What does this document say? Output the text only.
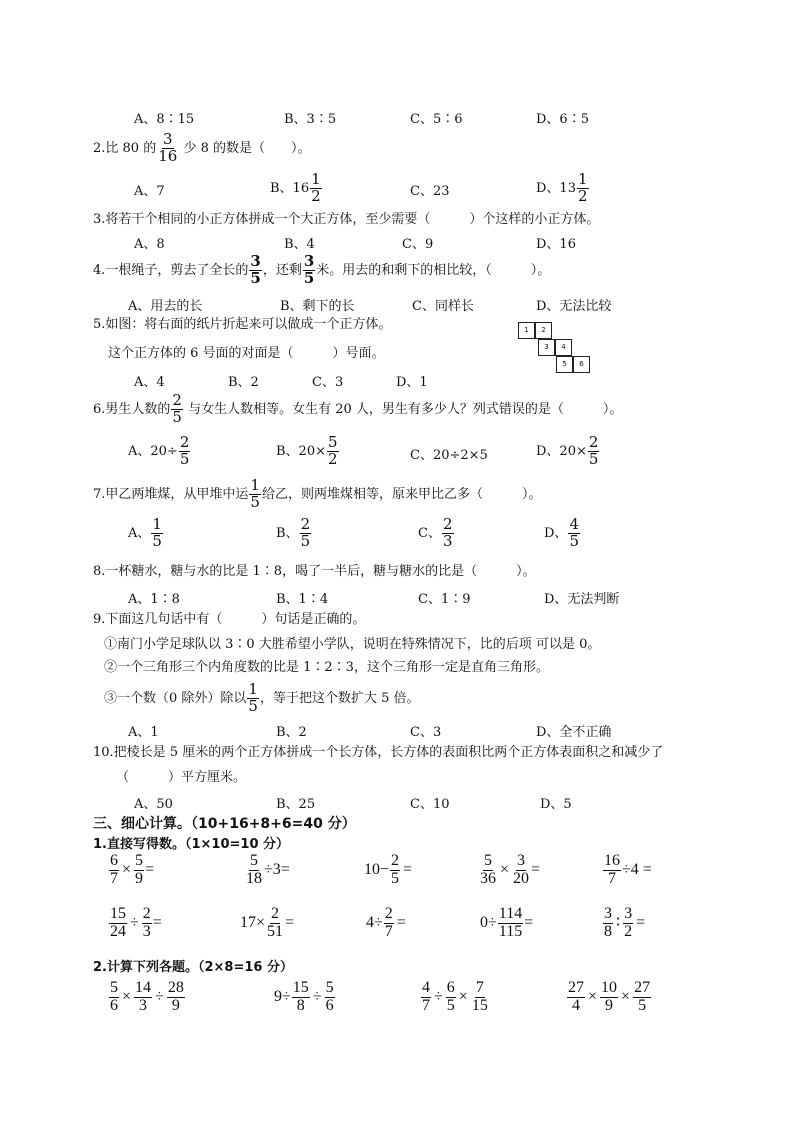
A、8∶15	B、3∶5	C、5∶6	D、6∶5
2.比 80 的 $\frac{3}{16}$ 少 8 的数是（　　）。
A、7	B、$16 \frac{1}{2}$	C、23	D、$13 \frac{1}{2}$
3.将若干个相同的小正方体拼成一个大正方体，至少需要（　　　）个这样的小正方体。
A、8	B、4	C、9	D、16
4.一根绳子，剪去了全长的 $\frac{3}{5}$ ，还剩 $\frac{3}{5}$ 米。用去的和剩下的相比较，（　　　）。
A、用去的长	B、剩下的长	C、同样长	D、无法比较
5.如图：将右面的纸片折起来可以做成一个正方体。
这个正方体的 6 号面的对面是（　　　）号面。
1	2
3	4
5	6
A、4	B、2	C、3	D、1
6.男生人数的 $\frac{2}{5}$ 与女生人数相等。女生有 20 人，男生有多少人？列式错误的是（　　　）。
A、$20\div \frac{2}{5}$	B、$20\times \frac{5}{2}$	C、20÷2×5	D、$20\times \frac{2}{5}$
7.甲乙两堆煤，从甲堆中运 $\frac{1}{5}$ 给乙，则两堆煤相等，原来甲比乙多（　　　）。
A、 $\frac{1}{5}$	B、 $\frac{2}{5}$	C、 $\frac{2}{3}$	D、 $\frac{4}{5}$
8.一杯糖水，糖与水的比是 1∶8，喝了一半后，糖与糖水的比是（　　　）。
A、1∶8	B、1∶4	C、1∶9	D、无法判断
9.下面这几句话中有（　　　）句话是正确的。
①南门小学足球队以 3∶0 大胜希望小学队，说明在特殊情况下，比的后项 可以是 0。
②一个三角形三个内角度数的比是 1∶2∶3，这个三角形一定是直角三角形。
③一个数（0 除外）除以 $\frac{1}{5}$ ，等于把这个数扩大 5 倍。
A、1	B、2	C、3	D、全不正确
10.把棱长是 5 厘米的两个正方体拼成一个长方体，长方体的表面积比两个正方体表面积之和减少了
（　　　）平方厘米。
A、50	B、25	C、10	D、5
三、细心计算。（10+16+8+6=40 分）
1.直接写得数。（1×10=10 分）
$\frac{6}{7} \times \frac{5}{9}$ =	$\frac{5}{18} \div 3=$	$10- \frac{2}{5}$ =	$\frac{5}{36} \times \frac{3}{20}$ =	$\frac{16}{7} \div 4$ =
$\frac{15}{24} \div \frac{2}{3}$ =	$17\times \frac{2}{51}$ =	$4\div \frac{2}{7}$ =	$0\div \frac{114}{115}$ =	$\frac{3}{8}$ ∶ $\frac{3}{2}$ =
2.计算下列各题。（2×8=16 分）
$\frac{5}{6} \times \frac{14}{3} \div \frac{28}{9}$	$9\div \frac{15}{8} \div \frac{5}{6}$	$\frac{4}{7} \div \frac{6}{5} \times \frac{7}{15}$	$\frac{27}{4} \times \frac{10}{9} \times \frac{27}{5}$
